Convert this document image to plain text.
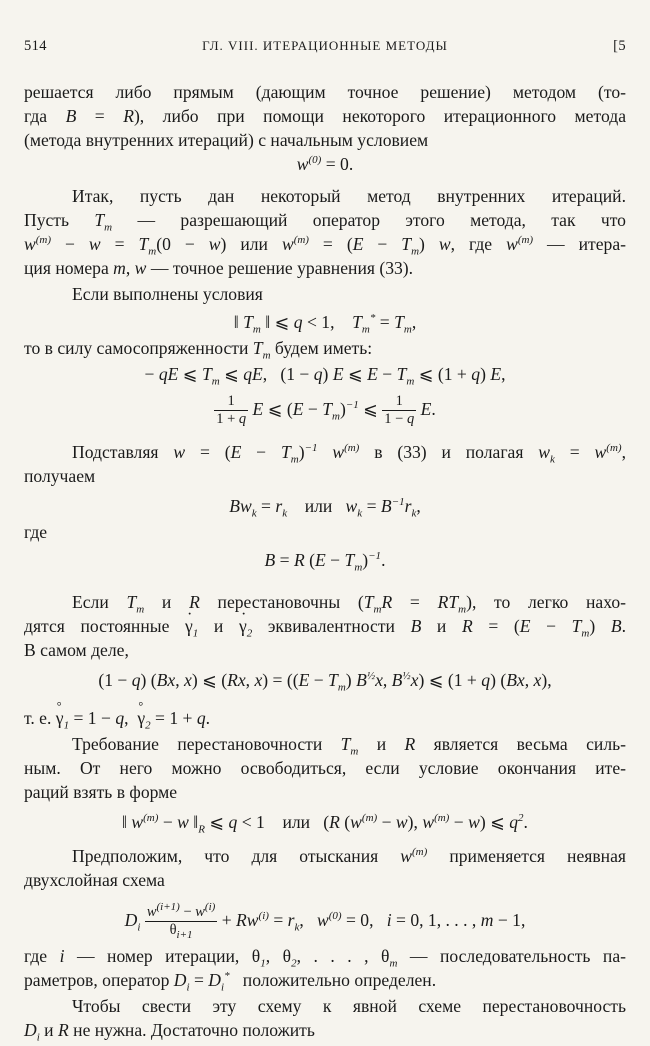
514	ГЛ. VIII. ИТЕРАЦИОННЫЕ МЕТОДЫ	[5
решается либо прямым (дающим точное решение) методом (то-
гда B = R), либо при помощи некоторого итерационного метода
(метода внутренних итераций) с начальным условием
$w^{(0)} = 0$.
Итак, пусть дан некоторый метод внутренних итераций.
Пусть $T_m$ — разрешающий оператор этого метода, так что
$w^{(m)} - w = T_m(0 - w)$ или $w^{(m)} = (E - T_m)$ w, где $w^{(m)}$ — итера-
ция номера m, w — точное решение уравнения (33).
Если выполнены условия
‖ $T_m$ ‖ ⩽ q < 1,    $T_m^* = T_m$,
то в силу самосопряженности $T_m$ будем иметь:
− qE ⩽ $T_m$ ⩽ qE,   (1 − q) E ⩽ $E - T_m$ ⩽ (1 + q) E,
$\frac{1}{1 + q}$ E ⩽ $(E - T_m)^{-1}$ ⩽ $\frac{1}{1 - q} E$.
Подставляя $w = (E - T_m)^{-1}$ $w^{(m)}$ в (33) и полагая $w_k = w^{(m)}$,
получаем
$Bw_k = r_k$ или $w_k = B^{-1}r_k$,
где
B = R $(E - T_m)^{-1}$.
Если $T_m$ и R перестановочны $(T_mR = RT_m)$, то легко нахо-
дятся постоянные · $\gamma_1$ $и \cdot \gamma_2$ эквивалентности B и $R = (E - T_m)$ B.
В самом деле,
(1 − q) (Bx, x) ⩽ (Rx, $x) = ((E - T_m)$ $B^{\frac{1}{2}}x$, $B^{\frac{1}{2}}x$) ⩽ (1 + q) (Bx, x),
т. е. ° $\gamma_1 = 1 - q$,  ° $\gamma_2 = 1 + q$.
Требование перестановочности $T_m$ и R является весьма силь-
ным. От него можно освободиться, если условие окончания ите-
раций взять в форме
‖ $w^{(m)} - w$ $‖_R$ ⩽ q < 1    или   (R $(w^{(m)} - w)$, $w^{(m)} - w$) ⩽ $q^2$.
Предположим, что для отыскания $w^{(m)}$ применяется неявная
двухслойная схема
$D_i \frac{w^{(i+1)} - w^{(i)}}{\theta_{i+1}} + Rw^{(i)} = r_k$,   $w^{(0)} = 0$,   i = 0, 1, . . . , m − 1,
где i — номер итерации, $\theta_1$, $\theta_2$, . . . , $\theta_m$ — последовательность па-
раметров, оператор $D_i = D_i^*$   положительно определен.
Чтобы свести эту схему к явной схеме перестановочность
$D_i$ и R не нужна. Достаточно положить
